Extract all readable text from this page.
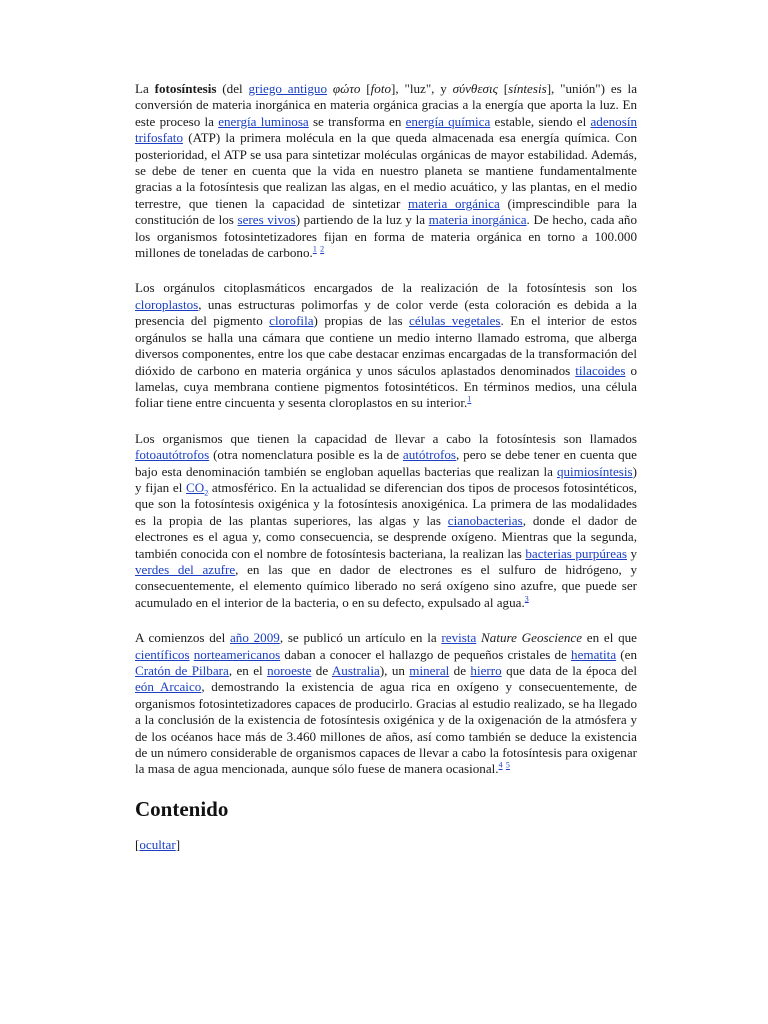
La fotosíntesis (del griego antiguo φώτο [foto], "luz", y σύνθεσις [síntesis], "unión") es la conversión de materia inorgánica en materia orgánica gracias a la energía que aporta la luz. En este proceso la energía luminosa se transforma en energía química estable, siendo el adenosín trifosfato (ATP) la primera molécula en la que queda almacenada esa energía química. Con posterioridad, el ATP se usa para sintetizar moléculas orgánicas de mayor estabilidad. Además, se debe de tener en cuenta que la vida en nuestro planeta se mantiene fundamentalmente gracias a la fotosíntesis que realizan las algas, en el medio acuático, y las plantas, en el medio terrestre, que tienen la capacidad de sintetizar materia orgánica (imprescindible para la constitución de los seres vivos) partiendo de la luz y la materia inorgánica. De hecho, cada año los organismos fotosintetizadores fijan en forma de materia orgánica en torno a 100.000 millones de toneladas de carbono.$^1$ $^2$

Los orgánulos citoplasmáticos encargados de la realización de la fotosíntesis son los cloroplastos, unas estructuras polimorfas y de color verde (esta coloración es debida a la presencia del pigmento clorofila) propias de las células vegetales. En el interior de estos orgánulos se halla una cámara que contiene un medio interno llamado estroma, que alberga diversos componentes, entre los que cabe destacar enzimas encargadas de la transformación del dióxido de carbono en materia orgánica y unos sáculos aplastados denominados tilacoides o lamelas, cuya membrana contiene pigmentos fotosintéticos. En términos medios, una célula foliar tiene entre cincuenta y sesenta cloroplastos en su interior.$^1$

Los organismos que tienen la capacidad de llevar a cabo la fotosíntesis son llamados fotoautótrofos (otra nomenclatura posible es la de autótrofos, pero se debe tener en cuenta que bajo esta denominación también se engloban aquellas bacterias que realizan la quimiosíntesis) y fijan el $CO_2$ atmosférico. En la actualidad se diferencian dos tipos de procesos fotosintéticos, que son la fotosíntesis oxigénica y la fotosíntesis anoxigénica. La primera de las modalidades es la propia de las plantas superiores, las algas y las cianobacterias, donde el dador de electrones es el agua y, como consecuencia, se desprende oxígeno. Mientras que la segunda, también conocida con el nombre de fotosíntesis bacteriana, la realizan las bacterias purpúreas y verdes del azufre, en las que en dador de electrones es el sulfuro de hidrógeno, y consecuentemente, el elemento químico liberado no será oxígeno sino azufre, que puede ser acumulado en el interior de la bacteria, o en su defecto, expulsado al agua.$^3$

A comienzos del año 2009, se publicó un artículo en la revista Nature Geoscience en el que científicos norteamericanos daban a conocer el hallazgo de pequeños cristales de hematita (en Cratón de Pilbara, en el noroeste de Australia), un mineral de hierro que data de la época del eón Arcaico, demostrando la existencia de agua rica en oxígeno y consecuentemente, de organismos fotosintetizadores capaces de producirlo. Gracias al estudio realizado, se ha llegado a la conclusión de la existencia de fotosíntesis oxigénica y de la oxigenación de la atmósfera y de los océanos hace más de 3.460 millones de años, así como también se deduce la existencia de un número considerable de organismos capaces de llevar a cabo la fotosíntesis para oxigenar la masa de agua mencionada, aunque sólo fuese de manera ocasional.$^4$ $^5$

Contenido
[ocultar]
